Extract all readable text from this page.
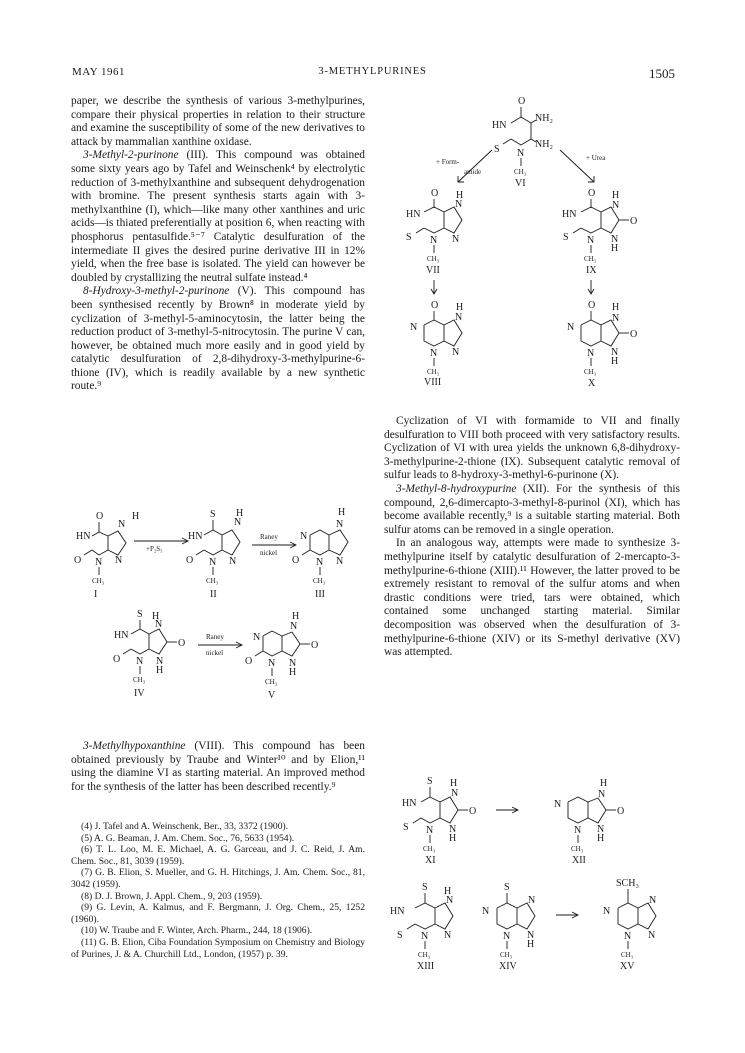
MAY 1961	3-METHYLPURINES	1505

paper, we describe the synthesis of various 3-methylpurines, compare their physical properties in relation to their structure and examine the susceptibility of some of the new derivatives to attack by mammalian xanthine oxidase.

3-Methyl-2-purinone (III). This compound was obtained some sixty years ago by Tafel and Weinschenk⁴ by electrolytic reduction of 3-methylxanthine and subsequent dehydrogenation with bromine. The present synthesis starts again with 3-methylxanthine (I), which—like many other xanthines and uric acids—is thiated preferentially at position 6, when reacting with phosphorus pentasulfide.⁵⁻⁷ Catalytic desulfuration of the intermediate II gives the desired purine derivative III in 12% yield, when the free base is isolated. The yield can however be doubled by crystallizing the neutral sulfate instead.⁴

8-Hydroxy-3-methyl-2-purinone (V). This compound has been synthesised recently by Brown⁸ in moderate yield by cyclization of 3-methyl-5-aminocytosin, the latter being the reduction product of 3-methyl-5-nitrocytosin. The purine V can, however, be obtained much more easily and in good yield by catalytic desulfuration of 2,8-dihydroxy-3-methylpurine-6-thione (IV), which is readily available by a new synthetic route.⁹

3-Methylhypoxanthine (VIII). This compound has been obtained previously by Traube and Winter¹⁰ and by Elion,¹¹ using the diamine VI as starting material. An improved method for the synthesis of the latter has been described recently.⁹

(4) J. Tafel and A. Weinschenk, Ber., 33, 3372 (1900).

(5) A. G. Beaman, J. Am. Chem. Soc., 76, 5633 (1954).

(6) T. L. Loo, M. E. Michael, A. G. Garceau, and J. C. Reid, J. Am. Chem. Soc., 81, 3039 (1959).

(7) G. B. Elion, S. Mueller, and G. H. Hitchings, J. Am. Chem. Soc., 81, 3042 (1959).

(8) D. J. Brown, J. Appl. Chem., 9, 203 (1959).

(9) G. Levin, A. Kalmus, and F. Bergmann, J. Org. Chem., 25, 1252 (1960).

(10) W. Traube and F. Winter, Arch. Pharm., 244, 18 (1906).

(11) G. B. Elion, Ciba Foundation Symposium on Chemistry and Biology of Purines, J. & A. Churchill Ltd., London, (1957) p. 39.

Cyclization of VI with formamide to VII and finally desulfuration to VIII both proceed with very satisfactory results. Cyclization of VI with urea yields the unknown 6,8-dihydroxy-3-methylpurine-2-thione (IX). Subsequent catalytic removal of sulfur leads to 8-hydroxy-3-methyl-6-purinone (X).

3-Methyl-8-hydroxypurine (XII). For the synthesis of this compound, 2,6-dimercapto-3-methyl-8-purinol (XI), which has become available recently,⁹ is a suitable starting material. Both sulfur atoms can be removed in a single operation.

In an analogous way, attempts were made to synthesize 3-methylpurine itself by catalytic desulfuration of 2-mercapto-3-methylpurine-6-thione (XIII).¹¹ However, the latter proved to be extremely resistant to removal of the sulfur atoms and when drastic conditions were tried, tars were obtained, which contained some unchanged starting material. Similar decomposition was observed when the desulfuration of 3-methylpurine-6-thione (XIV) or its S-methyl derivative (XV) was attempted.

O
HN
N
O
CH₃
N
H
N
I
+P₂S₅
S
HN
N
O
CH₃
N
H
N
II
Raney
nickel
H
N
N
N
O
CH₃
N
III
S H
HN
N
O
CH₃
N
N
H
O
IV
Raney
nickel
H
N
N
N
O
CH₃
N
H
O
V
O
HN
NH₂
NH₂
S N
CH₃
VI
+ Form-
amide
+ Urea
O H
HN
N
S
CH₃
N
N
VII
O H
N
N
CH₃
N
N
VIII
O H
HN
N
S
CH₃
N
N
H
O
IX
O H
N
N
CH₃
N
N
H
O
X
S H
HN
N
S
CH₃
N
N
H
O
XI
H
N
N
N
CH₃
N
H
O
XII
S H
HN
N
S
CH₃
N
N
XIII
S
N
N
CH₃
N
N
H
XIV
SCH₃
N
N
CH₃
N
N
XV
